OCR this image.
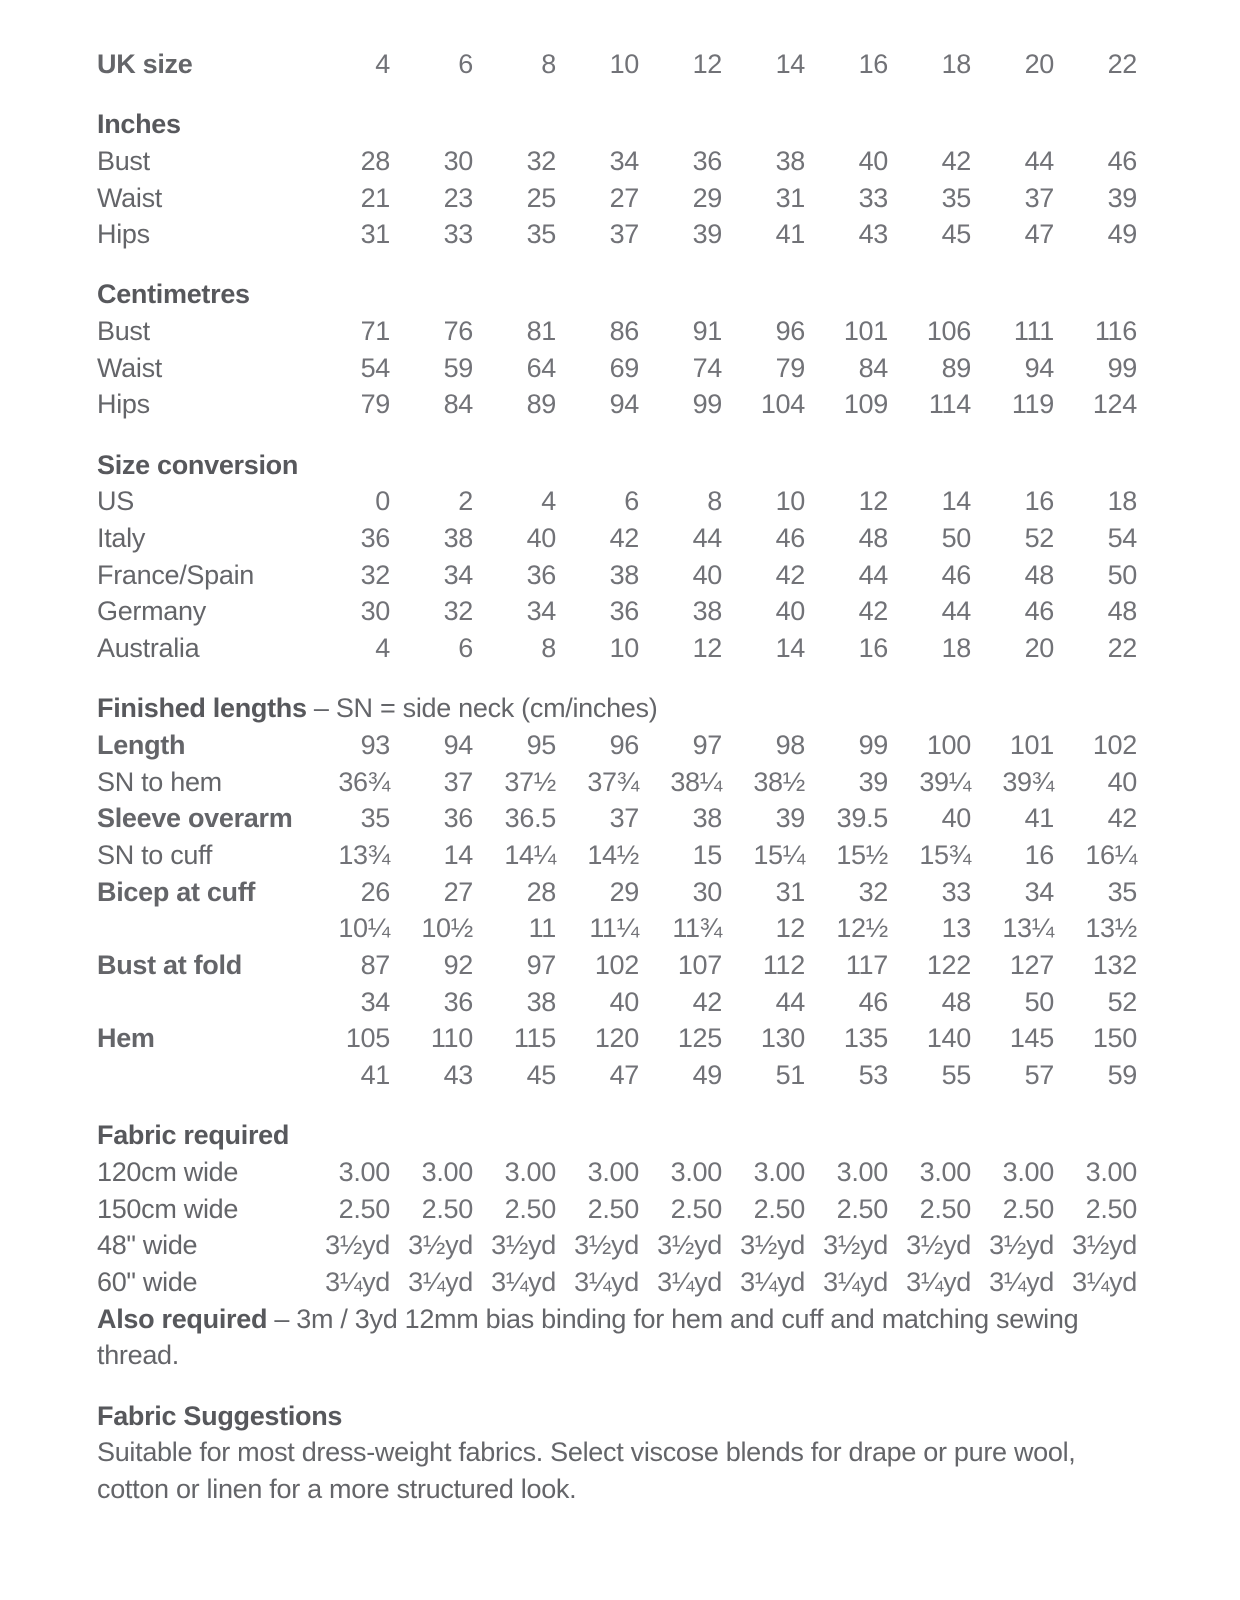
UK size	4	6	8	10	12	14	16	18	20	22
Inches
Bust	28	30	32	34	36	38	40	42	44	46
Waist	21	23	25	27	29	31	33	35	37	39
Hips	31	33	35	37	39	41	43	45	47	49
Centimetres
Bust	71	76	81	86	91	96	101	106	111	116
Waist	54	59	64	69	74	79	84	89	94	99
Hips	79	84	89	94	99	104	109	114	119	124
Size conversion
US	0	2	4	6	8	10	12	14	16	18
Italy	36	38	40	42	44	46	48	50	52	54
France/Spain	32	34	36	38	40	42	44	46	48	50
Germany	30	32	34	36	38	40	42	44	46	48
Australia	4	6	8	10	12	14	16	18	20	22
Finished lengths – SN = side neck (cm/inches)
Length	93	94	95	96	97	98	99	100	101	102
SN to hem	36¾	37	37½	37¾	38¼	38½	39	39¼	39¾	40
Sleeve overarm	35	36	36.5	37	38	39	39.5	40	41	42
SN to cuff	13¾	14	14¼	14½	15	15¼	15½	15¾	16	16¼
Bicep at cuff	26	27	28	29	30	31	32	33	34	35
10¼	10½	11	11¼	11¾	12	12½	13	13¼	13½
Bust at fold	87	92	97	102	107	112	117	122	127	132
34	36	38	40	42	44	46	48	50	52
Hem	105	110	115	120	125	130	135	140	145	150
41	43	45	47	49	51	53	55	57	59
Fabric required
120cm wide	3.00	3.00	3.00	3.00	3.00	3.00	3.00	3.00	3.00	3.00
150cm wide	2.50	2.50	2.50	2.50	2.50	2.50	2.50	2.50	2.50	2.50
48" wide	3½yd 3½yd 3½yd 3½yd 3½yd 3½yd 3½yd 3½yd 3½yd 3½yd
60" wide	3¼yd 3¼yd 3¼yd 3¼yd 3¼yd 3¼yd 3¼yd 3¼yd 3¼yd 3¼yd

Also required – 3m / 3yd 12mm bias binding for hem and cuff and matching sewing thread.

Fabric Suggestions

Suitable for most dress-weight fabrics. Select viscose blends for drape or pure wool, cotton or linen for a more structured look.
